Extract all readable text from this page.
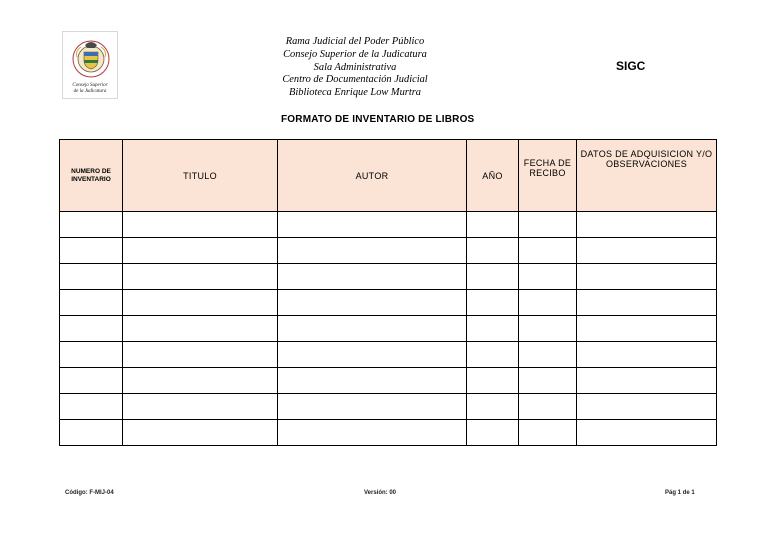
Consejo Superior
de la Judicatura
Rama Judicial del Poder Público
Consejo Superior de la Judicatura
Sala Administrativa
Centro de Documentación Judicial
Biblioteca Enrique Low Murtra
SIGC
FORMATO DE INVENTARIO DE LIBROS
NUMERO DE INVENTARIO	TITULO	AUTOR	AÑO	FECHA DE RECIBO	DATOS DE ADQUISICION Y/O OBSERVACIONES

Código: F-MIJ-04	Versión: 00	Pág 1 de 1
